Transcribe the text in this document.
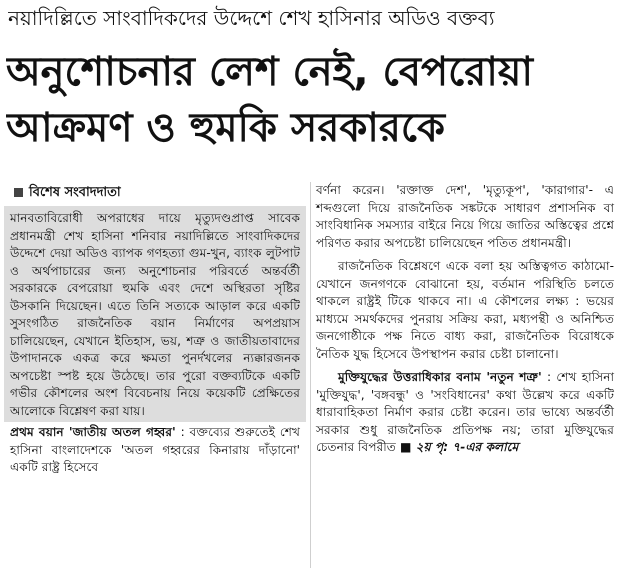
নয়াদিল্লিতে সাংবাদিকদের উদ্দেশে শেখ হাসিনার অডিও বক্তব্য
অনুশোচনার লেশ নেই, বেপরোয়া
আক্রমণ ও হুমকি সরকারকে
বিশেষ সংবাদদাতা

মানবতাবিরোধী অপরাধের দায়ে মৃত্যুদণ্ডপ্রাপ্ত সাবেক প্রধানমন্ত্রী শেখ হাসিনা শনিবার নয়াদিল্লিতে সাংবাদিকদের উদ্দেশে দেয়া অডিও ব্যাপক গণহত্যা গুম-খুন, ব্যাংক লুটপাট ও অর্থপাচারের জন্য অনুশোচনার পরিবর্তে অন্তর্বর্তী সরকারকে বেপরোয়া হুমকি এবং দেশে অস্থিরতা সৃষ্টির উসকানি দিয়েছেন। এতে তিনি সত্যকে আড়াল করে একটি সুসংগঠিত রাজনৈতিক বয়ান নির্মাণের অপপ্রয়াস চালিয়েছেন, যেখানে ইতিহাস, ভয়, শত্রু ও জাতীয়তাবাদের উপাদানকে একত্র করে ক্ষমতা পুনর্দখলের ন্যক্কারজনক অপচেষ্টা স্পষ্ট হয়ে উঠেছে। তার পুরো বক্তব্যটিকে একটি গভীর কৌশলের অংশ বিবেচনায় নিয়ে কয়েকটি প্রেক্ষিতের আলোকে বিশ্লেষণ করা যায়।

প্রথম বয়ান 'জাতীয় অতল গহ্বর' : বক্তব্যের শুরুতেই শেখ হাসিনা বাংলাদেশকে 'অতল গহ্বরের কিনারায় দাঁড়ানো' একটি রাষ্ট্র হিসেবে

বর্ণনা করেন। 'রক্তাক্ত দেশ', 'মৃত্যুকূপ', 'কারাগার'- এ শব্দগুলো দিয়ে রাজনৈতিক সঙ্কটকে সাধারণ প্রশাসনিক বা সাংবিধানিক সমস্যার বাইরে নিয়ে গিয়ে জাতির অস্তিত্বের প্রশ্নে পরিণত করার অপচেষ্টা চালিয়েছেন পতিত প্রধানমন্ত্রী।

রাজনৈতিক বিশ্লেষণে একে বলা হয় অস্তিত্বগত কাঠামো- যেখানে জনগণকে বোঝানো হয়, বর্তমান পরিস্থিতি চলতে থাকলে রাষ্ট্রই টিকে থাকবে না। এ কৌশলের লক্ষ্য : ভয়ের মাধ্যমে সমর্থকদের পুনরায় সক্রিয় করা, মধ্যপন্থী ও অনিশ্চিত জনগোষ্ঠীকে পক্ষ নিতে বাধ্য করা, রাজনৈতিক বিরোধকে নৈতিক যুদ্ধ হিসেবে উপস্থাপন করার চেষ্টা চালানো।

মুক্তিযুদ্ধের উত্তরাধিকার বনাম 'নতুন শত্রু' : শেখ হাসিনা 'মুক্তিযুদ্ধ', 'বঙ্গবন্ধু' ও 'সংবিধানের' কথা উল্লেখ করে একটি ধারাবাহিকতা নির্মাণ করার চেষ্টা করেন। তার ভাষ্যে অন্তর্বর্তী সরকার শুধু রাজনৈতিক প্রতিপক্ষ নয়; তারা মুক্তিযুদ্ধের চেতনার বিপরীত ■ ২য় পৃ: ৭-এর কলামে
